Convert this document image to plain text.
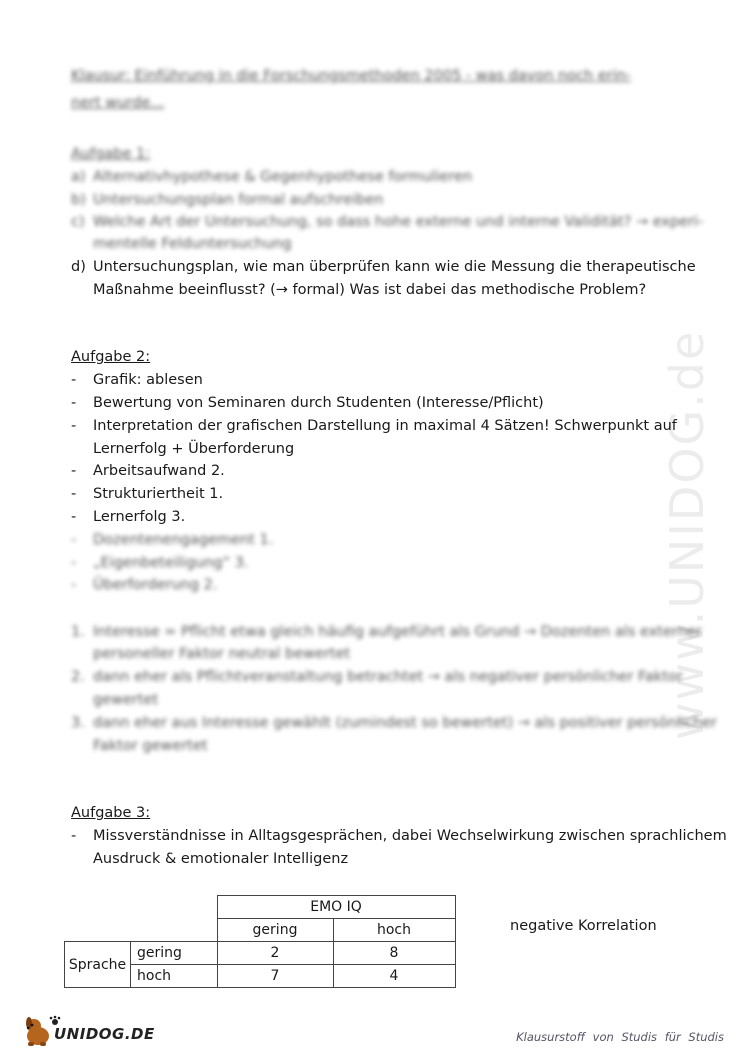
www.UNIDOG.de
Klausur: Einführung in die Forschungsmethoden 2005 - was davon noch erin-
nert wurde...
Aufgabe 1:
a) Alternativhypothese & Gegenhypothese formulieren
b) Untersuchungsplan formal aufschreiben
c) Welche Art der Untersuchung, so dass hohe externe und interne Validität? → experi-
mentelle Felduntersuchung
d) Untersuchungsplan, wie man überprüfen kann wie die Messung die therapeutische
Maßnahme beeinflusst? (→ formal) Was ist dabei das methodische Problem?
Aufgabe 2:
- Grafik: ablesen
- Bewertung von Seminaren durch Studenten (Interesse/Pflicht)
- Interpretation der grafischen Darstellung in maximal 4 Sätzen! Schwerpunkt auf
Lernerfolg + Überforderung
- Arbeitsaufwand 2.
- Strukturiertheit 1.
- Lernerfolg 3.
- Dozentenengagement 1.
- „Eigenbeteiligung“ 3.
- Überforderung 2.
1. Interesse = Pflicht etwa gleich häufig aufgeführt als Grund → Dozenten als externer
personeller Faktor neutral bewertet
2. dann eher als Pflichtveranstaltung betrachtet → als negativer persönlicher Faktor
gewertet
3. dann eher aus Interesse gewählt (zumindest so bewertet) → als positiver persönlicher
Faktor gewertet
Aufgabe 3:
- Missverständnisse in Alltagsgesprächen, dabei Wechselwirkung zwischen sprachlichem
Ausdruck & emotionaler Intelligenz
		EMO IQ	
		gering	hoch
Sprache	gering	2	8
	hoch	7	4
negative Korrelation
UNIDOG.DE	Klausurstoff von Studis für Studis
